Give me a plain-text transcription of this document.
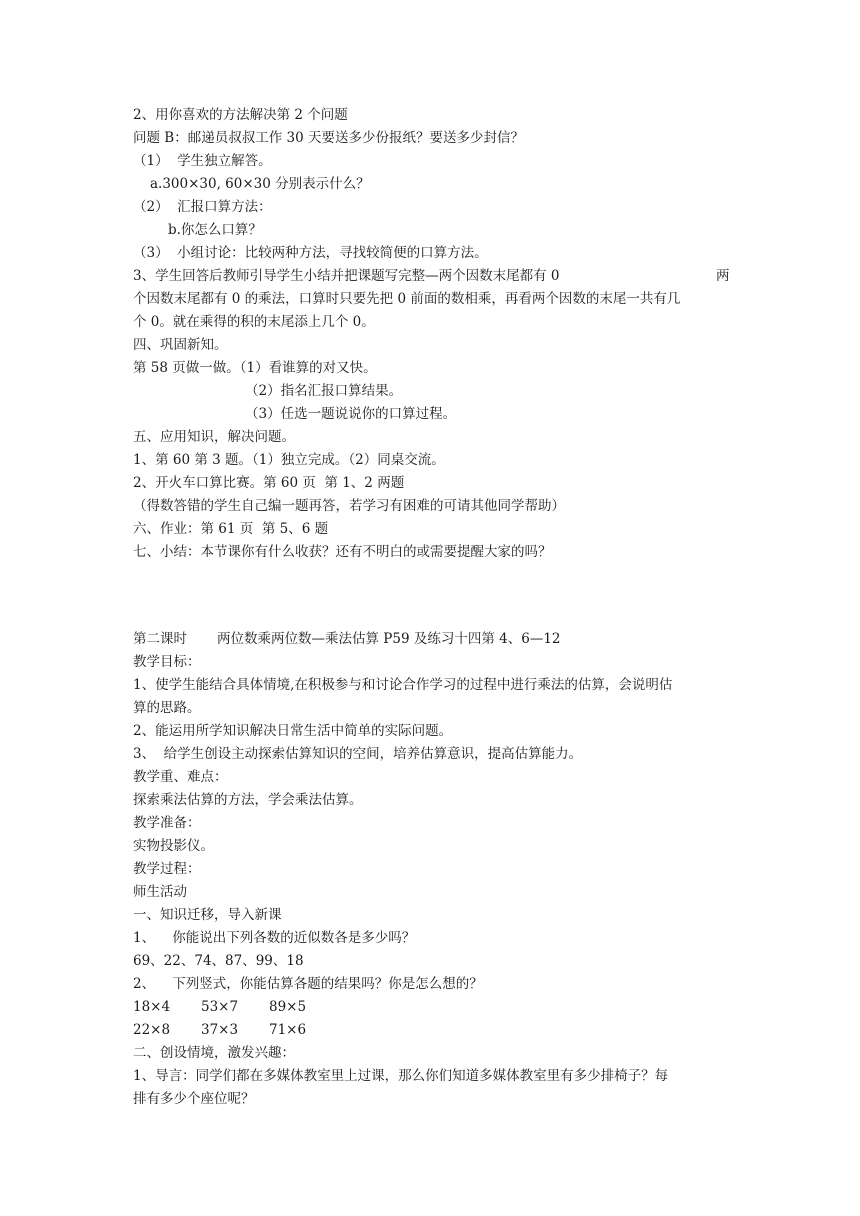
2、用你喜欢的方法解决第 2 个问题
问题 B：邮递员叔叔工作 30 天要送多少份报纸？要送多少封信？
（1）  学生独立解答。
a.300×30, 60×30 分别表示什么？
（2）  汇报口算方法：
b.你怎么口算？
（3）  小组讨论：比较两种方法，寻找较简便的口算方法。
3、学生回答后教师引导学生小结并把课题写完整—两个因数末尾都有 0	两
个因数末尾都有 0 的乘法，口算时只要先把 0 前面的数相乘，再看两个因数的末尾一共有几
个 0。就在乘得的积的末尾添上几个 0。
四、巩固新知。
第 58 页做一做。（1）看谁算的对又快。
（2）指名汇报口算结果。
（3）任选一题说说你的口算过程。
五、应用知识，解决问题。
1、第 60 第 3 题。（1）独立完成。（2）同桌交流。
2、开火车口算比赛。第 60 页  第 1、2 两题
（得数答错的学生自己编一题再答，若学习有困难的可请其他同学帮助）
六、作业：第 61 页  第 5、6 题
七、小结：本节课你有什么收获？还有不明白的或需要提醒大家的吗？
第二课时 两位数乘两位数—乘法估算 P59 及练习十四第 4、6—12
教学目标：
1、使学生能结合具体情境,在积极参与和讨论合作学习的过程中进行乘法的估算，会说明估
算的思路。
2、能运用所学知识解决日常生活中简单的实际问题。
3、  给学生创设主动探索估算知识的空间，培养估算意识，提高估算能力。
教学重、难点：
探索乘法估算的方法，学会乘法估算。
教学准备：
实物投影仪。
教学过程：
师生活动
一、知识迁移，导入新课
1、    你能说出下列各数的近似数各是多少吗？
69、22、74、87、99、18
2、    下列竖式，你能估算各题的结果吗？你是怎么想的？
18×4 53×7 89×5
22×8 37×3 71×6
二、创设情境，激发兴趣：
1、导言：同学们都在多媒体教室里上过课，那么你们知道多媒体教室里有多少排椅子？每
排有多少个座位呢？
